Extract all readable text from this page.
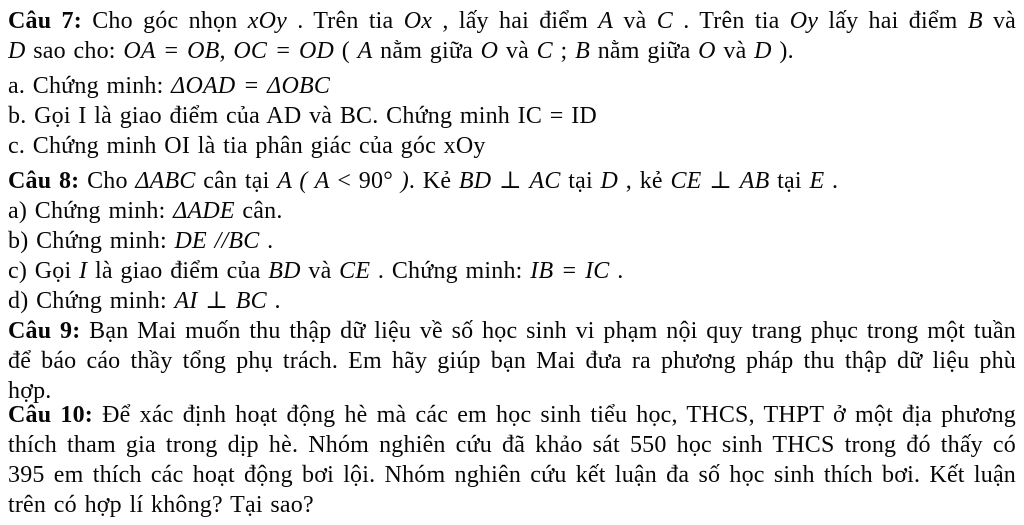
Câu 7: Cho góc nhọn xOy . Trên tia Ox , lấy hai điểm A và C . Trên tia Oy lấy hai điểm B và
D sao cho: OA = OB, OC = OD ( A nằm giữa O và C ; B nằm giữa O và D ).
a. Chứng minh: ΔOAD = ΔOBC
b. Gọi I là giao điểm của AD và BC. Chứng minh IC = ID
c. Chứng minh OI là tia phân giác của góc xOy
Câu 8: Cho ΔABC cân tại A ( A < 90° ). Kẻ BD ⊥ AC tại D , kẻ CE ⊥ AB tại E .
a) Chứng minh: ΔADE cân.
b) Chứng minh: DE //BC .
c) Gọi I là giao điểm của BD và CE . Chứng minh: IB = IC .
d) Chứng minh: AI ⊥ BC .
Câu 9: Bạn Mai muốn thu thập dữ liệu về số học sinh vi phạm nội quy trang phục trong một tuần
để báo cáo thầy tổng phụ trách. Em hãy giúp bạn Mai đưa ra phương pháp thu thập dữ liệu phù
hợp.
Câu 10: Để xác định hoạt động hè mà các em học sinh tiểu học, THCS, THPT ở một địa phương
thích tham gia trong dịp hè. Nhóm nghiên cứu đã khảo sát 550 học sinh THCS trong đó thấy có
395 em thích các hoạt động bơi lội. Nhóm nghiên cứu kết luận đa số học sinh thích bơi. Kết luận
trên có hợp lí không? Tại sao?
